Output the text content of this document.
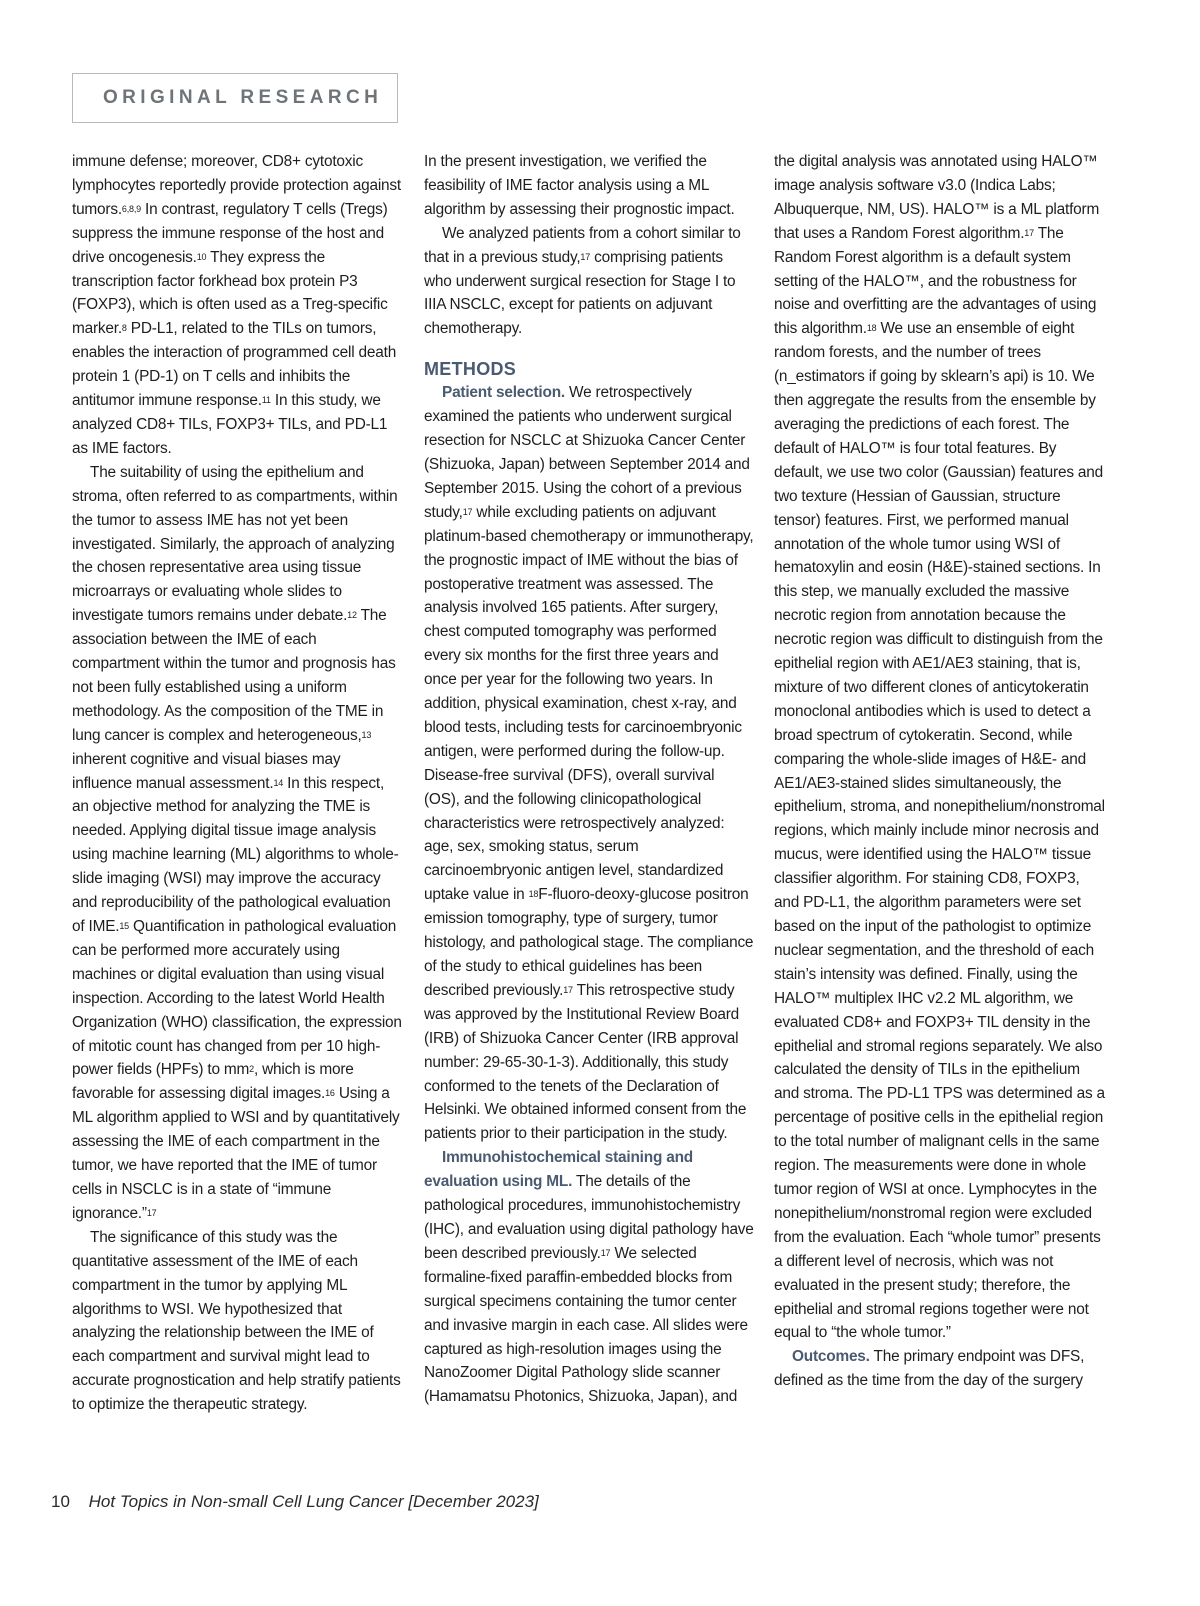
ORIGINAL RESEARCH

immune defense; moreover, CD8+ cytotoxic lymphocytes reportedly provide protection against tumors.$^{6,8,9}$ In contrast, regulatory T cells (Tregs) suppress the immune response of the host and drive oncogenesis.$^{10}$ They express the transcription factor forkhead box protein P3 (FOXP3), which is often used as a Treg-specific marker.$^8$ PD-L1, related to the TILs on tumors, enables the interaction of programmed cell death protein 1 (PD-1) on T cells and inhibits the antitumor immune response.$^{11}$ In this study, we analyzed CD8+ TILs, FOXP3+ TILs, and PD-L1 as IME factors.

The suitability of using the epithelium and stroma, often referred to as compartments, within the tumor to assess IME has not yet been investigated. Similarly, the approach of analyzing the chosen representative area using tissue microarrays or evaluating whole slides to investigate tumors remains under debate.$^{12}$ The association between the IME of each compartment within the tumor and prognosis has not been fully established using a uniform methodology. As the composition of the TME in lung cancer is complex and heterogeneous,$^{13}$ inherent cognitive and visual biases may influence manual assessment.$^{14}$ In this respect, an objective method for analyzing the TME is needed. Applying digital tissue image analysis using machine learning (ML) algorithms to whole-slide imaging (WSI) may improve the accuracy and reproducibility of the pathological evaluation of IME.$^{15}$ Quantification in pathological evaluation can be performed more accurately using machines or digital evaluation than using visual inspection. According to the latest World Health Organization (WHO) classification, the expression of mitotic count has changed from per 10 high-power fields (HPFs) to $mm^2$, which is more favorable for assessing digital images.$^{16}$ Using a ML algorithm applied to WSI and by quantitatively assessing the IME of each compartment in the tumor, we have reported that the IME of tumor cells in NSCLC is in a state of “immune ignorance.”$^{17}$

The significance of this study was the quantitative assessment of the IME of each compartment in the tumor by applying ML algorithms to WSI. We hypothesized that analyzing the relationship between the IME of each compartment and survival might lead to accurate prognostication and help stratify patients to optimize the therapeutic strategy.

In the present investigation, we verified the feasibility of IME factor analysis using a ML algorithm by assessing their prognostic impact.

We analyzed patients from a cohort similar to that in a previous study,$^{17}$ comprising patients who underwent surgical resection for Stage I to IIIA NSCLC, except for patients on adjuvant chemotherapy.

METHODS

Patient selection. We retrospectively examined the patients who underwent surgical resection for NSCLC at Shizuoka Cancer Center (Shizuoka, Japan) between September 2014 and September 2015. Using the cohort of a previous study,$^{17}$ while excluding patients on adjuvant platinum-based chemotherapy or immunotherapy, the prognostic impact of IME without the bias of postoperative treatment was assessed. The analysis involved 165 patients. After surgery, chest computed tomography was performed every six months for the first three years and once per year for the following two years. In addition, physical examination, chest x-ray, and blood tests, including tests for carcinoembryonic antigen, were performed during the follow-up. Disease-free survival (DFS), overall survival (OS), and the following clinicopathological characteristics were retrospectively analyzed: age, sex, smoking status, serum carcinoembryonic antigen level, standardized uptake value in $^{18}$F-fluoro-deoxy-glucose positron emission tomography, type of surgery, tumor histology, and pathological stage. The compliance of the study to ethical guidelines has been described previously.$^{17}$ This retrospective study was approved by the Institutional Review Board (IRB) of Shizuoka Cancer Center (IRB approval number: 29-65-30-1-3). Additionally, this study conformed to the tenets of the Declaration of Helsinki. We obtained informed consent from the patients prior to their participation in the study.

Immunohistochemical staining and evaluation using ML. The details of the pathological procedures, immunohistochemistry (IHC), and evaluation using digital pathology have been described previously.$^{17}$ We selected formaline-fixed paraffin-embedded blocks from surgical specimens containing the tumor center and invasive margin in each case. All slides were captured as high-resolution images using the NanoZoomer Digital Pathology slide scanner (Hamamatsu Photonics, Shizuoka, Japan), and

the digital analysis was annotated using HALO™ image analysis software v3.0 (Indica Labs; Albuquerque, NM, US). HALO™ is a ML platform that uses a Random Forest algorithm.$^{17}$ The Random Forest algorithm is a default system setting of the HALO™, and the robustness for noise and overfitting are the advantages of using this algorithm.$^{18}$ We use an ensemble of eight random forests, and the number of trees (n_estimators if going by sklearn’s api) is 10. We then aggregate the results from the ensemble by averaging the predictions of each forest. The default of HALO™ is four total features. By default, we use two color (Gaussian) features and two texture (Hessian of Gaussian, structure tensor) features. First, we performed manual annotation of the whole tumor using WSI of hematoxylin and eosin (H&E)-stained sections. In this step, we manually excluded the massive necrotic region from annotation because the necrotic region was difficult to distinguish from the epithelial region with AE1/AE3 staining, that is, mixture of two different clones of anticytokeratin monoclonal antibodies which is used to detect a broad spectrum of cytokeratin. Second, while comparing the whole-slide images of H&E- and AE1/AE3-stained slides simultaneously, the epithelium, stroma, and nonepithelium/nonstromal regions, which mainly include minor necrosis and mucus, were identified using the HALO™ tissue classifier algorithm. For staining CD8, FOXP3, and PD-L1, the algorithm parameters were set based on the input of the pathologist to optimize nuclear segmentation, and the threshold of each stain’s intensity was defined. Finally, using the HALO™ multiplex IHC v2.2 ML algorithm, we evaluated CD8+ and FOXP3+ TIL density in the epithelial and stromal regions separately. We also calculated the density of TILs in the epithelium and stroma. The PD-L1 TPS was determined as a percentage of positive cells in the epithelial region to the total number of malignant cells in the same region. The measurements were done in whole tumor region of WSI at once. Lymphocytes in the nonepithelium/nonstromal region were excluded from the evaluation. Each “whole tumor” presents a different level of necrosis, which was not evaluated in the present study; therefore, the epithelial and stromal regions together were not equal to “the whole tumor.”

Outcomes. The primary endpoint was DFS, defined as the time from the day of the surgery

10 Hot Topics in Non-small Cell Lung Cancer [December 2023]
